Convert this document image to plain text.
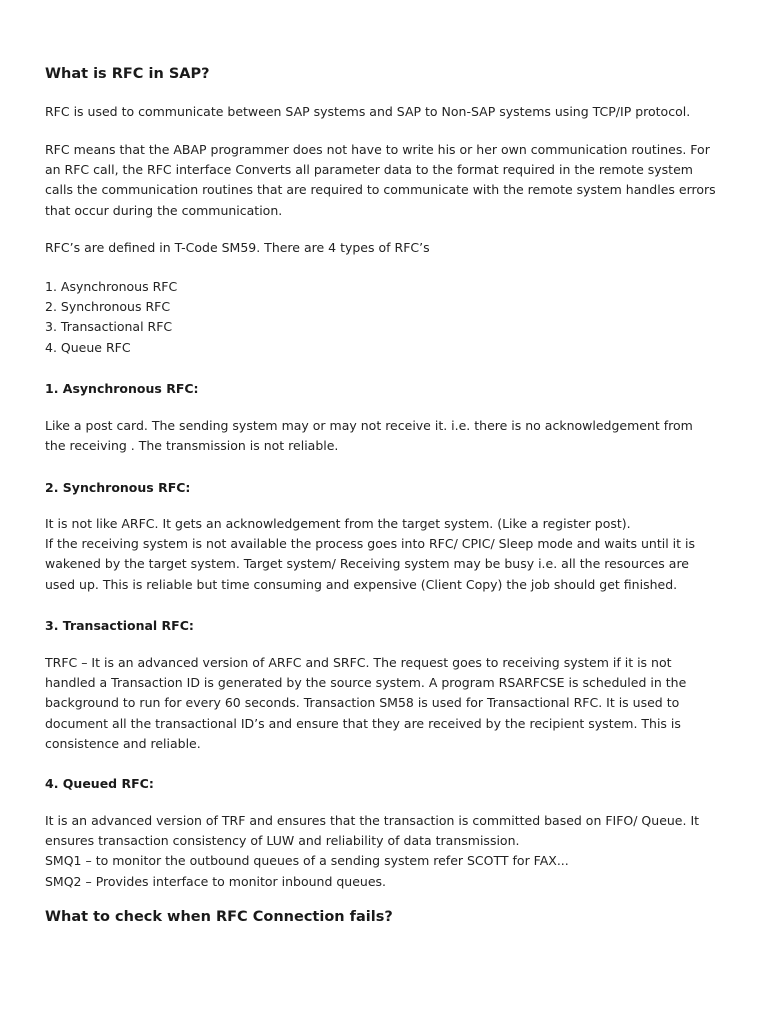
What is RFC in SAP?

RFC is used to communicate between SAP systems and SAP to Non-SAP systems using TCP/IP protocol.

RFC means that the ABAP programmer does not have to write his or her own communication routines. For
an RFC call, the RFC interface Converts all parameter data to the format required in the remote system
calls the communication routines that are required to communicate with the remote system handles errors
that occur during the communication.

RFC’s are defined in T-Code SM59. There are 4 types of RFC’s

1. Asynchronous RFC
2. Synchronous RFC
3. Transactional RFC
4. Queue RFC
1. Asynchronous RFC:

Like a post card. The sending system may or may not receive it. i.e. there is no acknowledgement from
the receiving . The transmission is not reliable.

2. Synchronous RFC:

It is not like ARFC. It gets an acknowledgement from the target system. (Like a register post).
If the receiving system is not available the process goes into RFC/ CPIC/ Sleep mode and waits until it is
wakened by the target system. Target system/ Receiving system may be busy i.e. all the resources are
used up. This is reliable but time consuming and expensive (Client Copy) the job should get finished.

3. Transactional RFC:

TRFC – It is an advanced version of ARFC and SRFC. The request goes to receiving system if it is not
handled a Transaction ID is generated by the source system. A program RSARFCSE is scheduled in the
background to run for every 60 seconds. Transaction SM58 is used for Transactional RFC. It is used to
document all the transactional ID’s and ensure that they are received by the recipient system. This is
consistence and reliable.

4. Queued RFC:

It is an advanced version of TRF and ensures that the transaction is committed based on FIFO/ Queue. It
ensures transaction consistency of LUW and reliability of data transmission.
SMQ1 – to monitor the outbound queues of a sending system refer SCOTT for FAX...
SMQ2 – Provides interface to monitor inbound queues.

What to check when RFC Connection fails?
